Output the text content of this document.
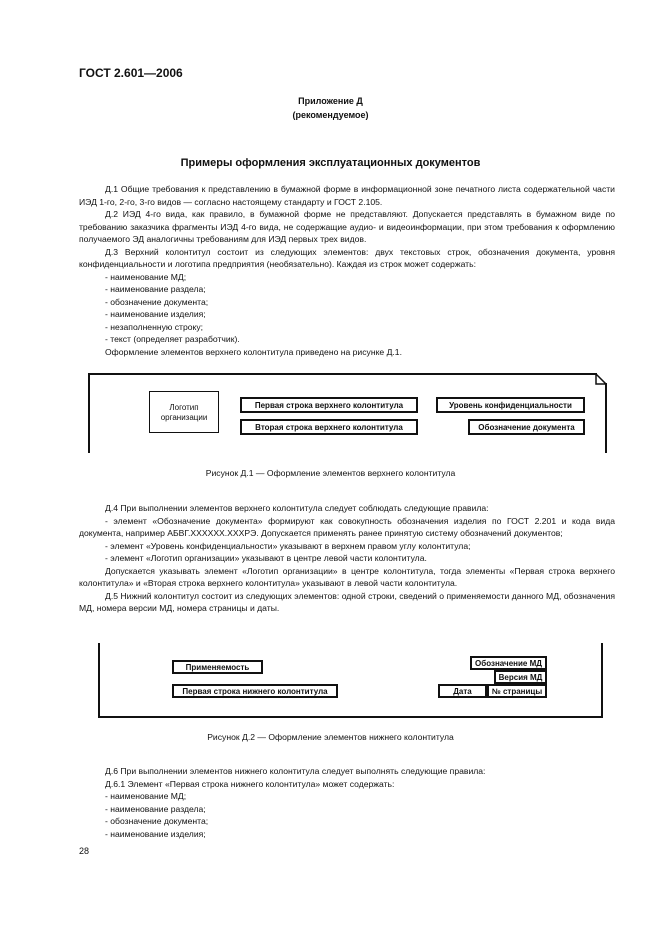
ГОСТ 2.601—2006
Приложение Д
(рекомендуемое)
Примеры оформления эксплуатационных документов

Д.1 Общие требования к представлению в бумажной форме в информационной зоне печатного листа содержательной части ИЭД 1-го, 2-го, 3-го видов — согласно настоящему стандарту и ГОСТ 2.105.

Д.2 ИЭД 4-го вида, как правило, в бумажной форме не представляют. Допускается представлять в бумажном виде по требованию заказчика фрагменты ИЭД 4-го вида, не содержащие аудио- и видеоинформации, при этом требования к оформлению получаемого ЭД аналогичны требованиям для ИЭД первых трех видов.

Д.3 Верхний колонтитул состоит из следующих элементов: двух текстовых строк, обозначения документа, уровня конфиденциальности и логотипа предприятия (необязательно). Каждая из строк может содержать:

- наименование МД;

- наименование раздела;

- обозначение документа;

- наименование изделия;

- незаполненную строку;

- текст (определяет разработчик).

Оформление элементов верхнего колонтитула приведено на рисунке Д.1.

Логотип организации
Первая строка верхнего колонтитула
Вторая строка верхнего колонтитула
Уровень конфиденциальности
Обозначение документа
Рисунок Д.1 — Оформление элементов верхнего колонтитула

Д.4 При выполнении элементов верхнего колонтитула следует соблюдать следующие правила:

- элемент «Обозначение документа» формируют как совокупность обозначения изделия по ГОСТ 2.201 и кода вида документа, например АБВГ.XXXXXX.XXXРЭ. Допускается применять ранее принятую систему обозначений документов;

- элемент «Уровень конфиденциальности» указывают в верхнем правом углу колонтитула;

- элемент «Логотип организации» указывают в центре левой части колонтитула.

Допускается указывать элемент «Логотип организации» в центре колонтитула, тогда элементы «Первая строка верхнего колонтитула» и «Вторая строка верхнего колонтитула» указывают в левой части колонтитула.

Д.5 Нижний колонтитул состоит из следующих элементов: одной строки, сведений о применяемости данного МД, обозначения МД, номера версии МД, номера страницы и даты.

Применяемость
Первая строка нижнего колонтитула
Обозначение МД
Версия МД
Дата	№ страницы
Рисунок Д.2 — Оформление элементов нижнего колонтитула

Д.6 При выполнении элементов нижнего колонтитула следует выполнять следующие правила:

Д.6.1 Элемент «Первая строка нижнего колонтитула» может содержать:

- наименование МД;

- наименование раздела;

- обозначение документа;

- наименование изделия;

28
